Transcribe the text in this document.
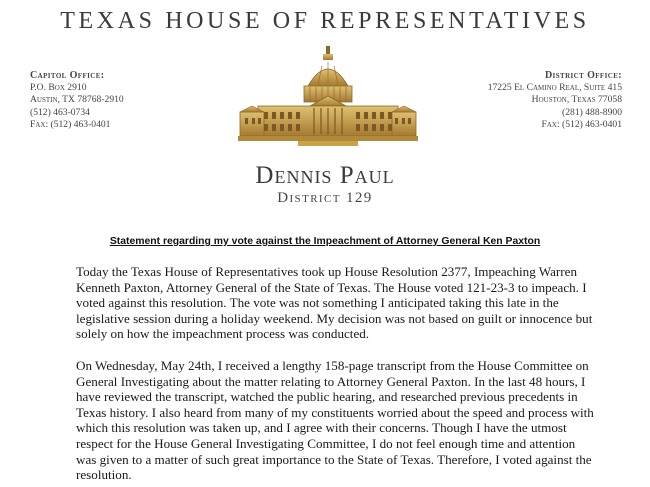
TEXAS HOUSE OF REPRESENTATIVES
Capitol Office:
P.O. Box 2910
Austin, TX 78768-2910
(512) 463-0734
Fax: (512) 463-0401
District Office:
17225 El Camino Real, Suite 415
Houston, Texas 77058
(281) 488-8900
Fax: (512) 463-0401
Dennis Paul
District 129
Statement regarding my vote against the Impeachment of Attorney General Ken Paxton

Today the Texas House of Representatives took up House Resolution 2377, Impeaching Warren Kenneth Paxton, Attorney General of the State of Texas. The House voted 121-23-3 to impeach. I voted against this resolution. The vote was not something I anticipated taking this late in the legislative session during a holiday weekend. My decision was not based on guilt or innocence but solely on how the impeachment process was conducted.

On Wednesday, May 24th, I received a lengthy 158-page transcript from the House Committee on General Investigating about the matter relating to Attorney General Paxton. In the last 48 hours, I have reviewed the transcript, watched the public hearing, and researched previous precedents in Texas history. I also heard from many of my constituents worried about the speed and process with which this resolution was taken up, and I agree with their concerns. Though I have the utmost respect for the House General Investigating Committee, I do not feel enough time and attention was given to a matter of such great importance to the State of Texas. Therefore, I voted against the resolution.
